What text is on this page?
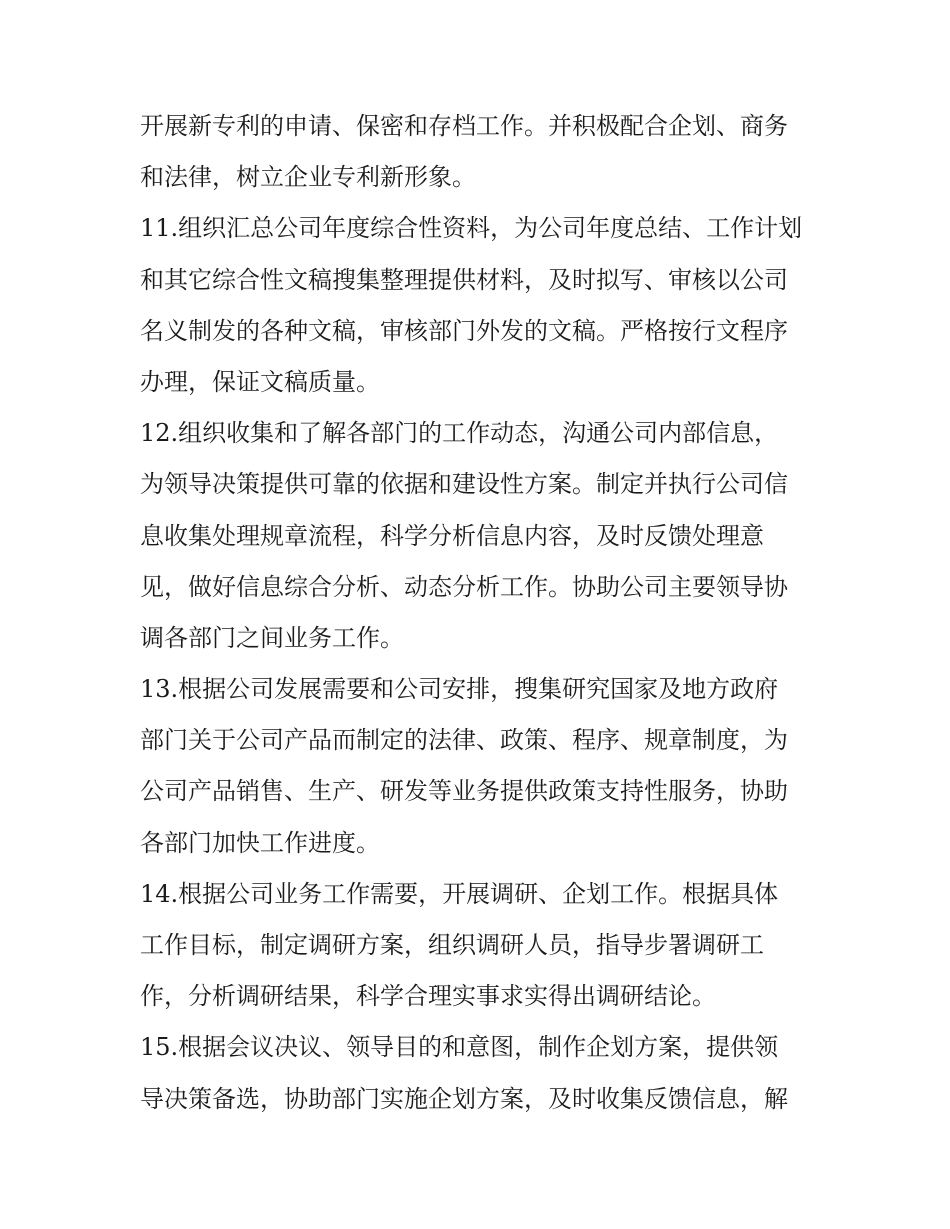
开展新专利的申请、保密和存档工作。并积极配合企划、商务
和法律，树立企业专利新形象。
11.组织汇总公司年度综合性资料，为公司年度总结、工作计划
和其它综合性文稿搜集整理提供材料，及时拟写、审核以公司
名义制发的各种文稿，审核部门外发的文稿。严格按行文程序
办理，保证文稿质量。
12.组织收集和了解各部门的工作动态，沟通公司内部信息，
为领导决策提供可靠的依据和建设性方案。制定并执行公司信
息收集处理规章流程，科学分析信息内容，及时反馈处理意
见，做好信息综合分析、动态分析工作。协助公司主要领导协
调各部门之间业务工作。
13.根据公司发展需要和公司安排，搜集研究国家及地方政府
部门关于公司产品而制定的法律、政策、程序、规章制度，为
公司产品销售、生产、研发等业务提供政策支持性服务，协助
各部门加快工作进度。
14.根据公司业务工作需要，开展调研、企划工作。根据具体
工作目标，制定调研方案，组织调研人员，指导步署调研工
作，分析调研结果，科学合理实事求实得出调研结论。
15.根据会议决议、领导目的和意图，制作企划方案，提供领
导决策备选，协助部门实施企划方案，及时收集反馈信息，解
